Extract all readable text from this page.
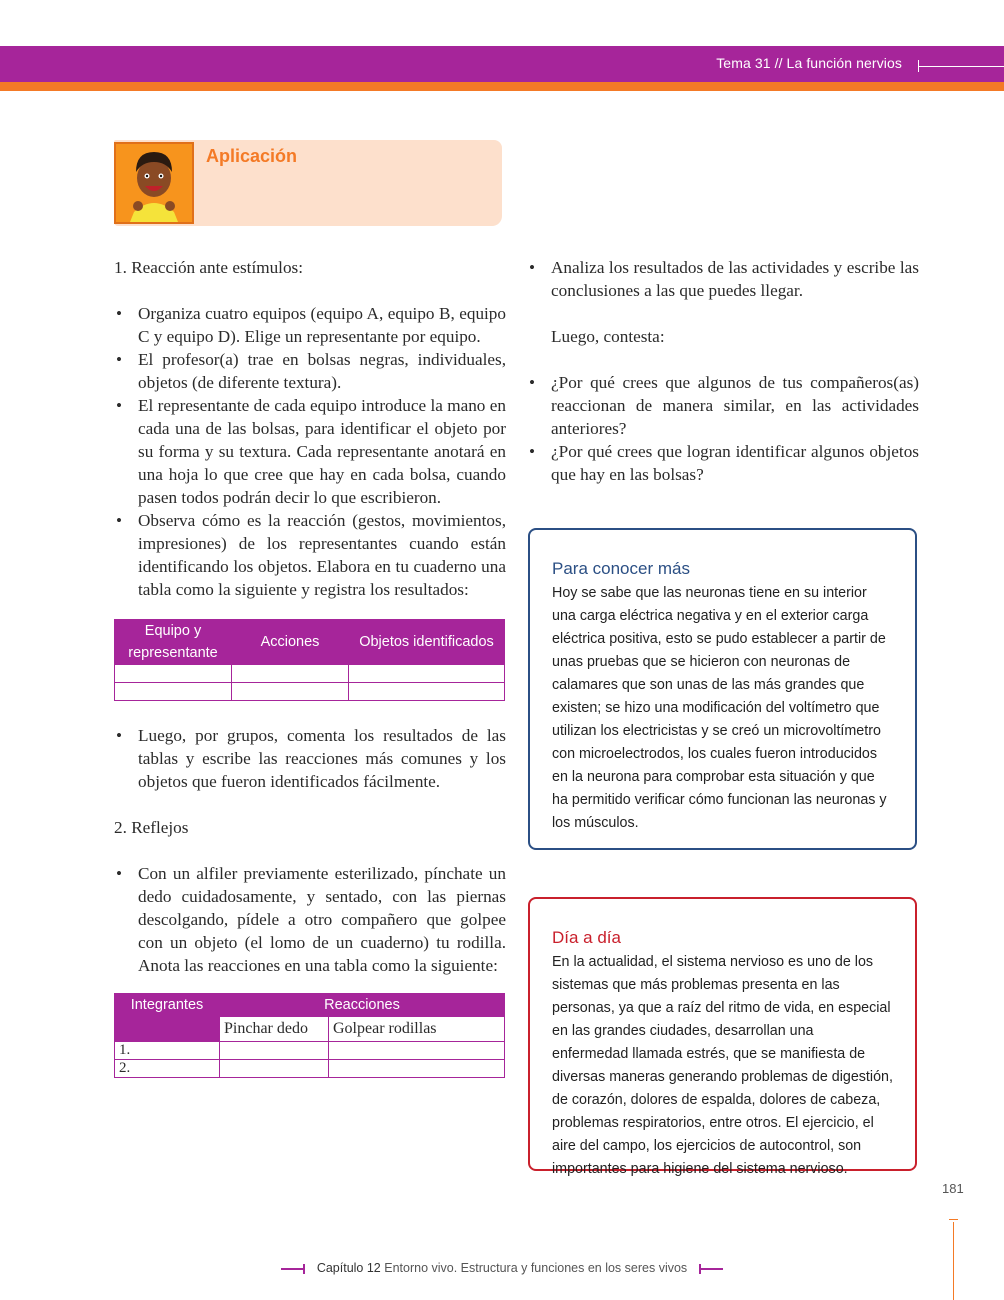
Tema 31 // La función nervios
Aplicación

1. Reacción ante estímulos:

• Organiza cuatro equipos (equipo A, equipo B, equipo C y equipo D). Elige un representante por equipo.
• El profesor(a) trae en bolsas negras, individuales, objetos (de diferente textura).
• El representante de cada equipo introduce la mano en cada una de las bolsas, para identificar el objeto por su forma y su textura. Cada representante anotará en una hoja lo que cree que hay en cada bolsa, cuando pasen todos podrán decir lo que escribieron.
• Observa cómo es la reacción (gestos, movimientos, impresiones) de los representantes cuando están identificando los objetos. Elabora en tu cuaderno una tabla como la siguiente y registra los resultados:
Equipo y representante	Acciones	Objetos identificados

• Luego, por grupos, comenta los resultados de las tablas y escribe las reacciones más comunes y los objetos que fueron identificados fácilmente.

2. Reflejos

• Con un alfiler previamente esterilizado, pínchate un dedo cuidadosamente, y sentado, con las piernas descolgando, pídele a otro compañero que golpee con un objeto (el lomo de un cuaderno) tu rodilla. Anota las reacciones en una tabla como la siguiente:
Integrantes	Reacciones	
	Pinchar dedo	Golpear rodillas
1.		
2.		
• Analiza los resultados de las actividades y escribe las conclusiones a las que puedes llegar.

Luego, contesta:

• ¿Por qué crees que algunos de tus compañeros(as) reaccionan de manera similar, en las actividades anteriores?
• ¿Por qué crees que logran identificar algunos objetos que hay en las bolsas?
Para conocer más
Hoy se sabe que las neuronas tiene en su interior una carga eléctrica negativa y en el exterior carga eléctrica positiva, esto se pudo establecer a partir de unas pruebas que se hicieron con neuronas de calamares que son unas de las más grandes que existen; se hizo una modificación del voltímetro que utilizan los electricistas y se creó un microvoltímetro con microelectrodos, los cuales fueron introducidos en la neurona para comprobar esta situación y que ha permitido verificar cómo funcionan las neuronas y los músculos.
Día a día
En la actualidad, el sistema nervioso es uno de los sistemas que más problemas presenta en las personas, ya que a raíz del ritmo de vida, en especial en las grandes ciudades, desarrollan una enfermedad llamada estrés, que se manifiesta de diversas maneras generando problemas de digestión, de corazón, dolores de espalda, dolores de cabeza, problemas respiratorios, entre otros. El ejercicio, el aire del campo, los ejercicios de autocontrol, son importantes para higiene del sistema nervioso.
181
Capítulo 12 Entorno vivo. Estructura y funciones en los seres vivos
